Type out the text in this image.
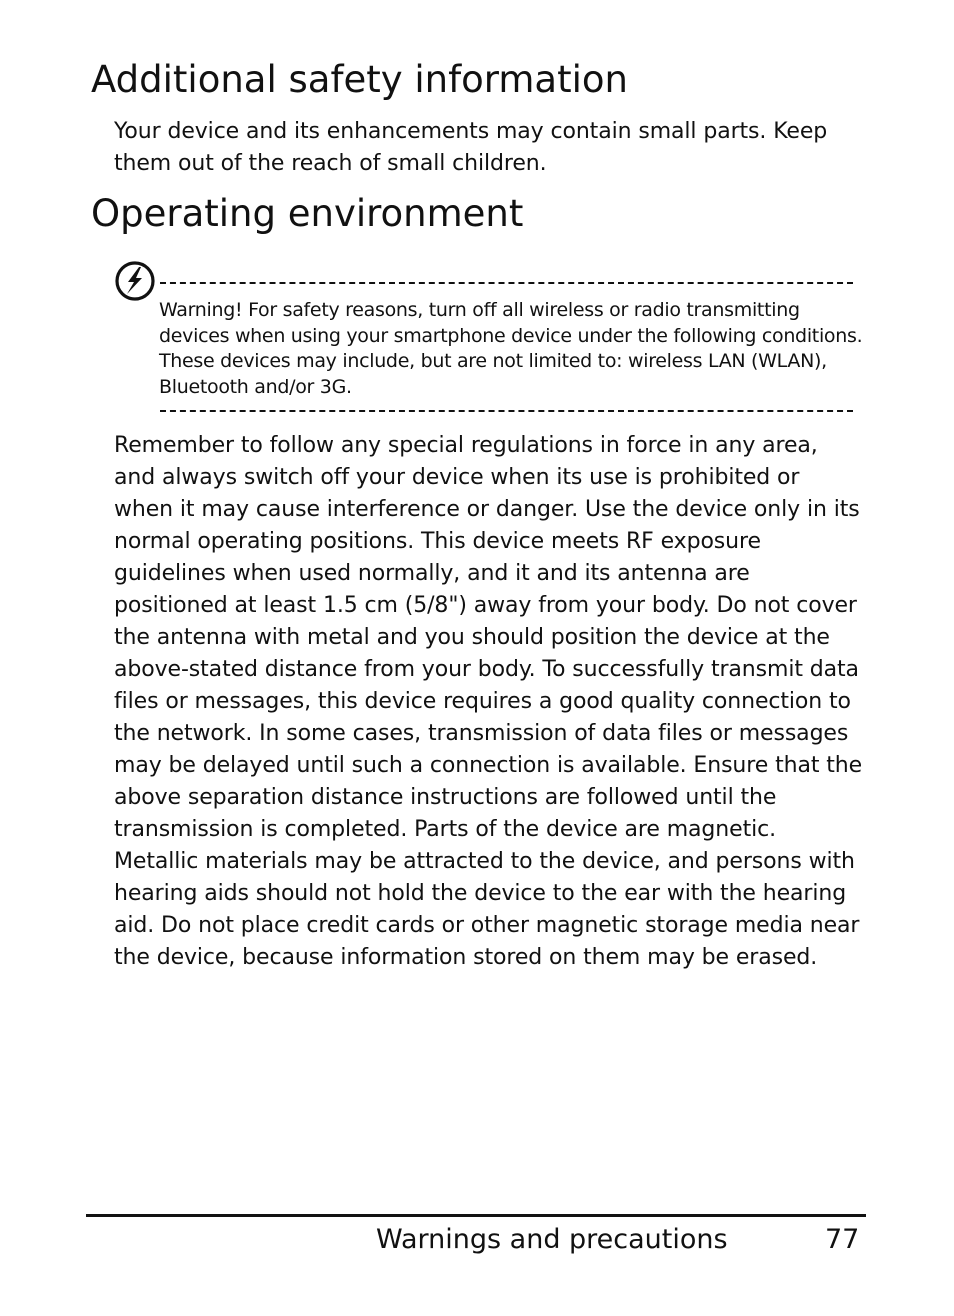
Additional safety information

Your device and its enhancements may contain small parts. Keep them out of the reach of small children.

Operating environment

Warning! For safety reasons, turn off all wireless or radio transmitting devices when using your smartphone device under the following conditions. These devices may include, but are not limited to: wireless LAN (WLAN), Bluetooth and/or 3G.

Remember to follow any special regulations in force in any area, and always switch off your device when its use is prohibited or when it may cause interference or danger. Use the device only in its normal operating positions. This device meets RF exposure guidelines when used normally, and it and its antenna are positioned at least 1.5 cm (5/8") away from your body. Do not cover the antenna with metal and you should position the device at the above-stated distance from your body. To successfully transmit data files or messages, this device requires a good quality connection to the network. In some cases, transmission of data files or messages may be delayed until such a connection is available. Ensure that the above separation distance instructions are followed until the transmission is completed. Parts of the device are magnetic. Metallic materials may be attracted to the device, and persons with hearing aids should not hold the device to the ear with the hearing aid. Do not place credit cards or other magnetic storage media near the device, because information stored on them may be erased.

Warnings and precautions	77
